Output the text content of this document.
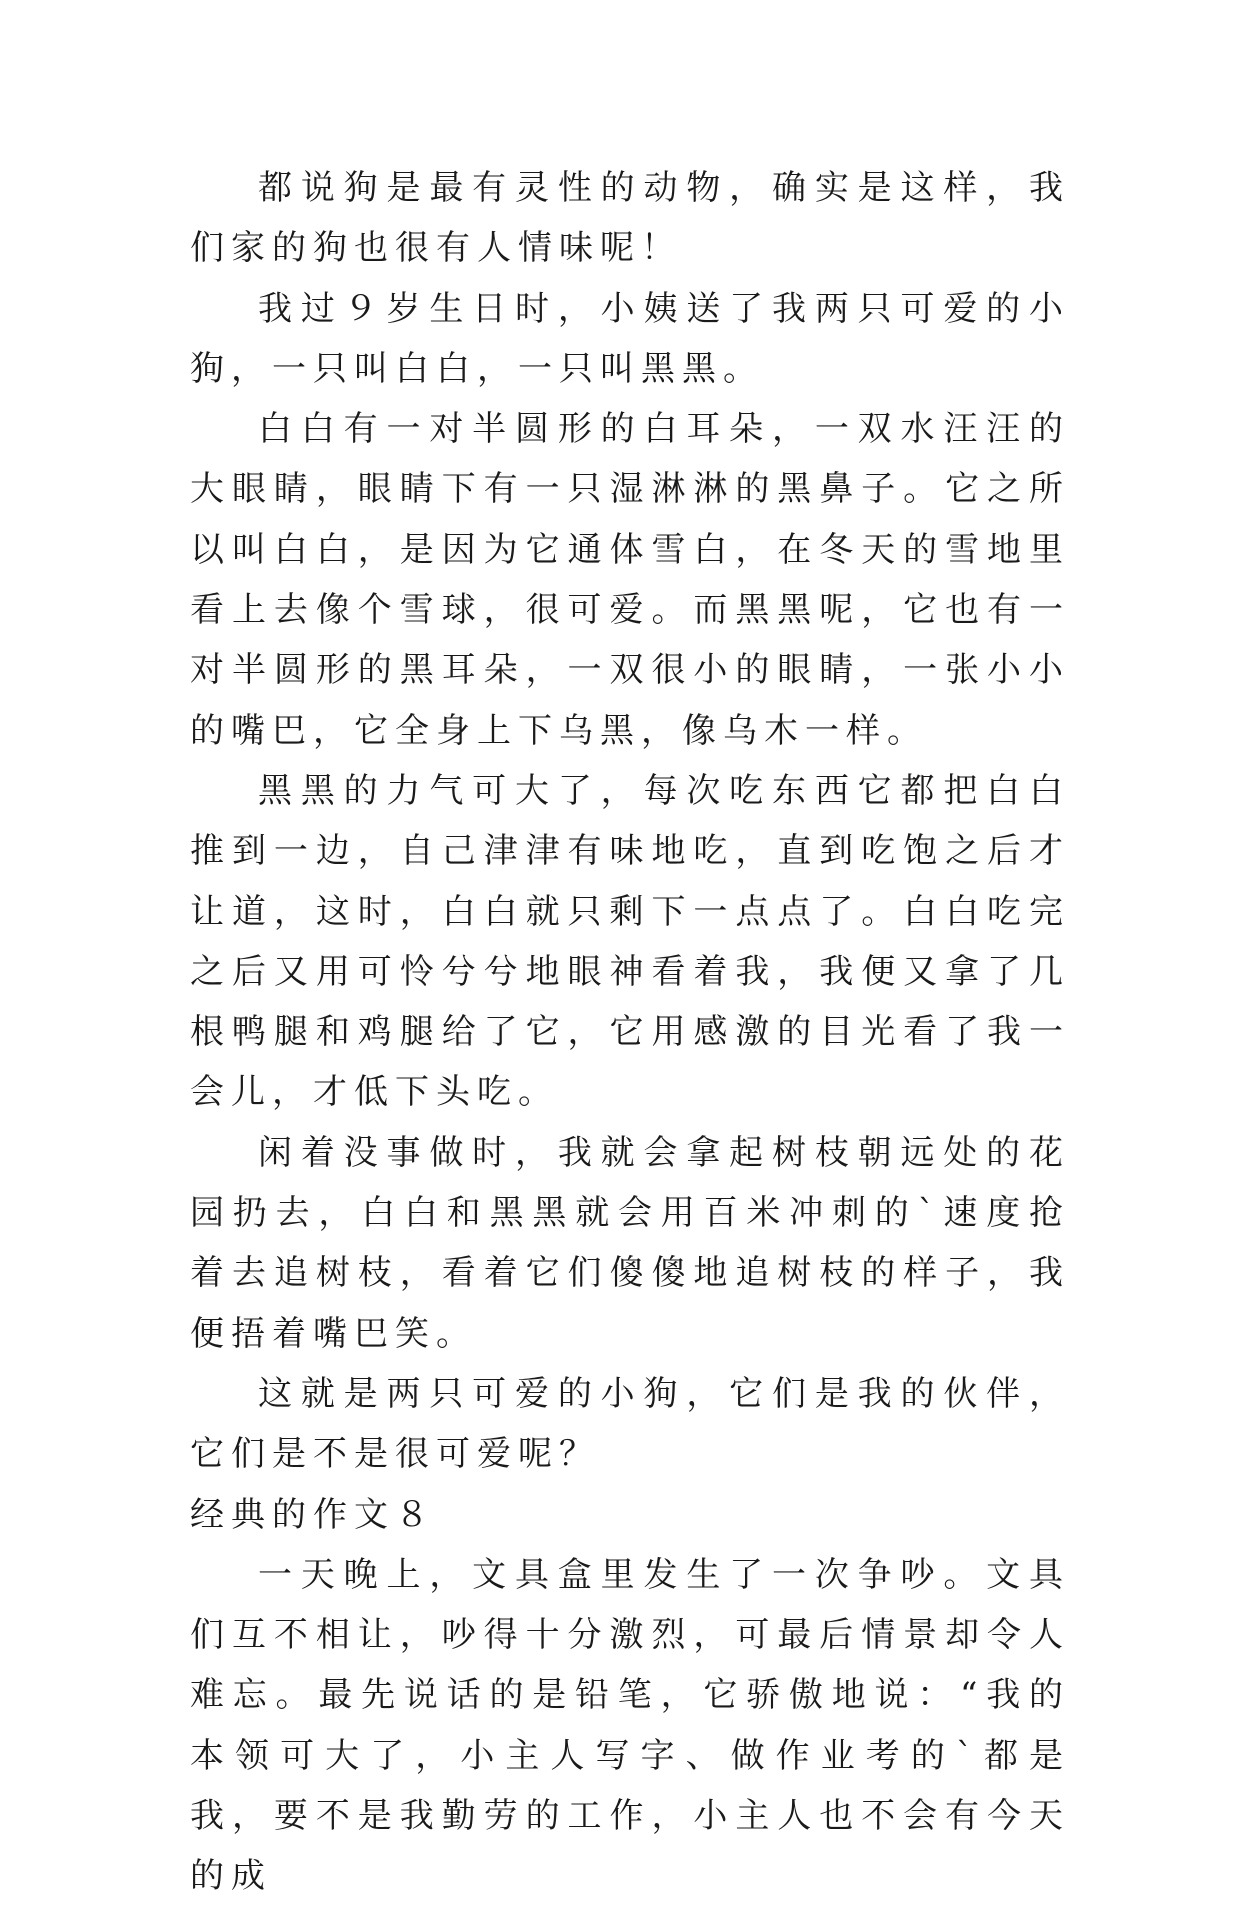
都说狗是最有灵性的动物，确实是这样，我们家的狗也很有人情味呢！

我过９岁生日时，小姨送了我两只可爱的小狗，一只叫白白，一只叫黑黑。

白白有一对半圆形的白耳朵，一双水汪汪的大眼睛，眼睛下有一只湿淋淋的黑鼻子。它之所以叫白白，是因为它通体雪白，在冬天的雪地里看上去像个雪球，很可爱。而黑黑呢，它也有一对半圆形的黑耳朵，一双很小的眼睛，一张小小的嘴巴，它全身上下乌黑，像乌木一样。

黑黑的力气可大了，每次吃东西它都把白白推到一边，自己津津有味地吃，直到吃饱之后才让道，这时，白白就只剩下一点点了。白白吃完之后又用可怜兮兮地眼神看着我，我便又拿了几根鸭腿和鸡腿给了它，它用感激的目光看了我一会儿，才低下头吃。

闲着没事做时，我就会拿起树枝朝远处的花园扔去，白白和黑黑就会用百米冲刺的`速度抢着去追树枝，看着它们傻傻地追树枝的样子，我便捂着嘴巴笑。

这就是两只可爱的小狗，它们是我的伙伴，它们是不是很可爱呢？

经典的作文８

一天晚上，文具盒里发生了一次争吵。文具们互不相让，吵得十分激烈，可最后情景却令人难忘。最先说话的是铅笔，它骄傲地说：“我的本领可大了，小主人写字、做作业考的`都是我，要不是我勤劳的工作，小主人也不会有今天的成
